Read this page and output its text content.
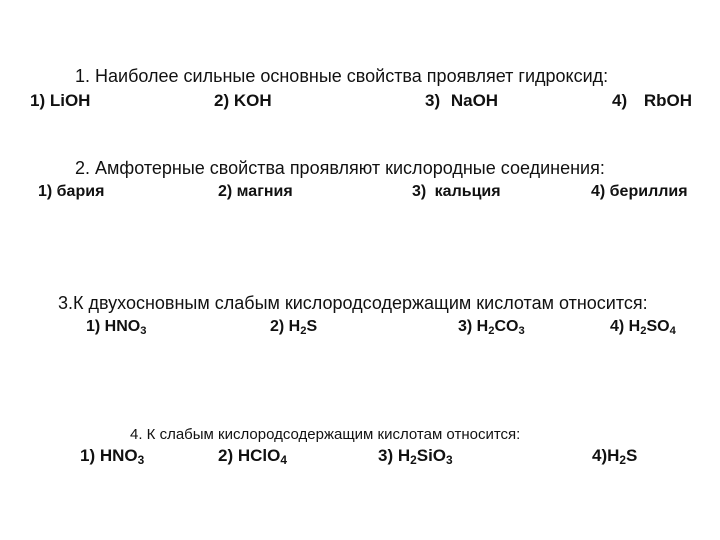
1. Наиболее сильные основные свойства проявляет гидроксид:
1) LiOH	2) KOH	3) NaOH	4) RbOH
2. Амфотерные свойства проявляют кислородные соединения:
1) бария	2) магния	3) кальция	4) бериллия
3.К двухосновным слабым кислородсодержащим кислотам относится:
1) $HNO_3$	2) $H_2S$	3) $H_2CO_3$	4) $H_2SO_4$
4. К слабым кислородсодержащим кислотам относится:
1) $HNO_3$	2) HClO$_4$	3) $H_2SiO_3$	$4)H_2S$
